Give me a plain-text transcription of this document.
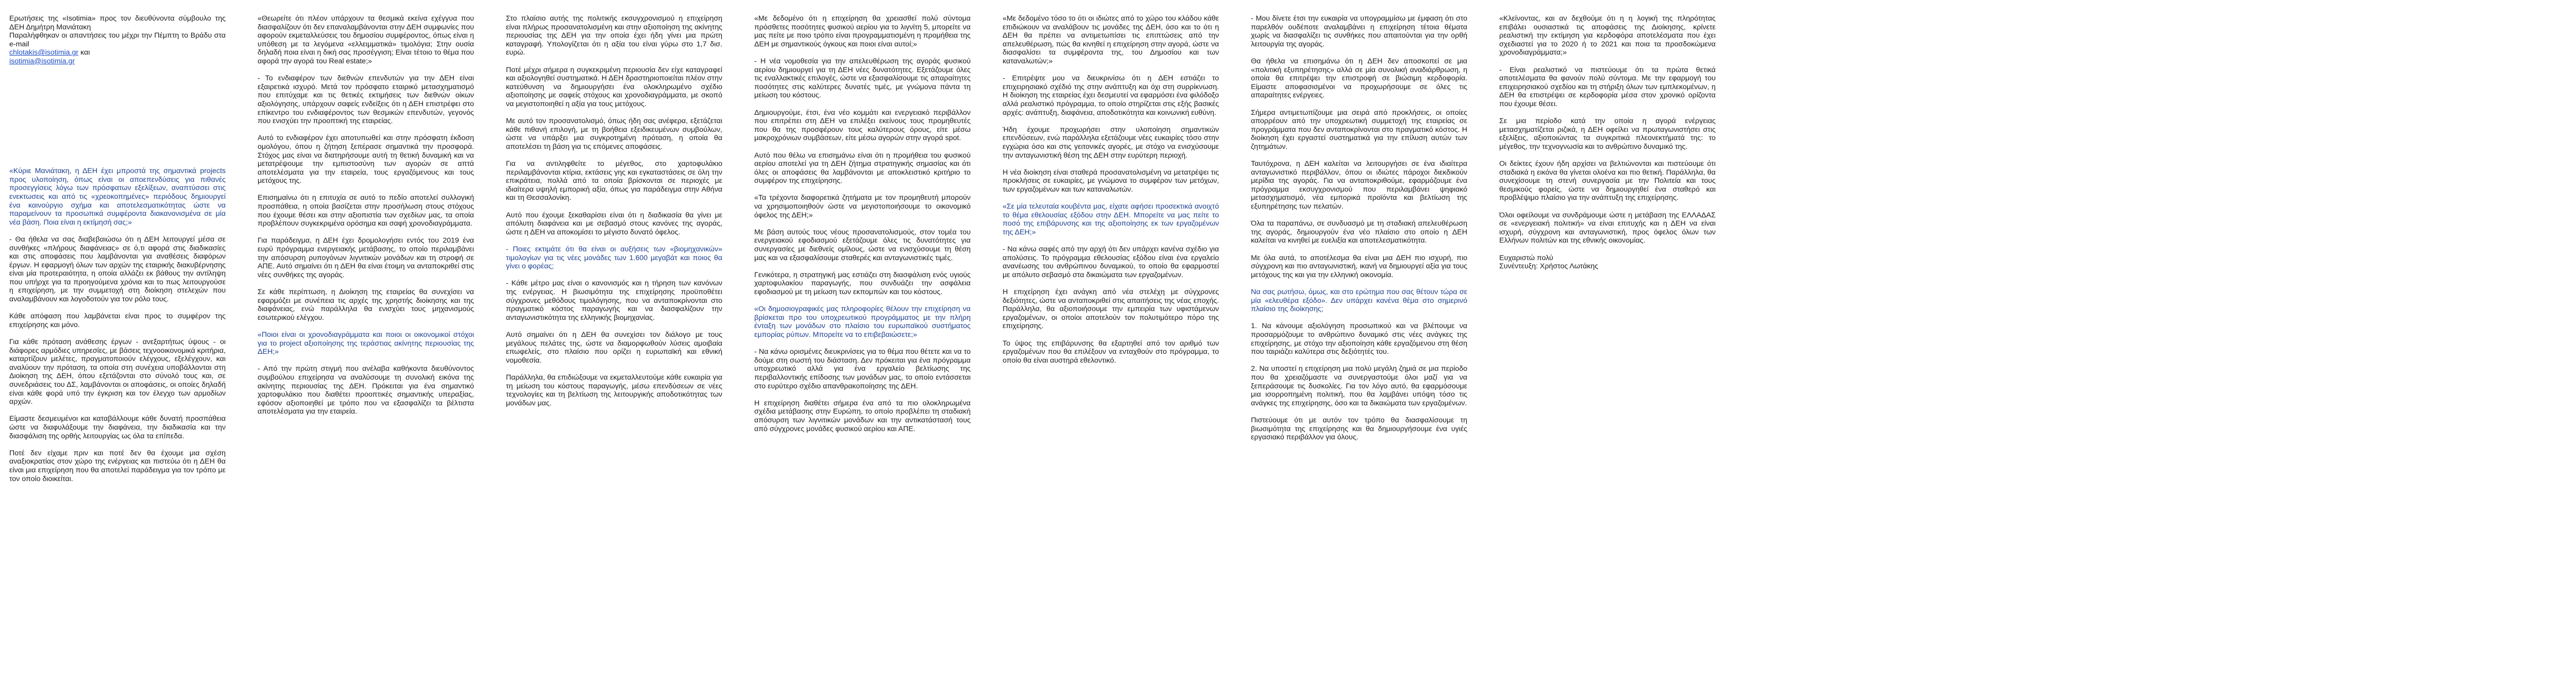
Ερωτήσεις της «Isotimia» προς τον διευθύνοντα σύμβουλο της ΔΕΗ Δημήτρη Μανιάτακη
Παραλήφθηκαν οι απαντήσεις του μέχρι την Πέμπτη το Βράδυ στα e-mail
chlotakis@isotimia.gr και
isotimia@isotimia.gr

«Κύριε Μανιάτακη, η ΔΕΗ έχει μπροστά της σημαντικά projects προς υλοποίηση, όπως είναι οι αποεπενδύσεις για πιθανές προσεγγίσεις λόγω των πρόσφατων εξελίξεων, αναπτύσσει στις ενεκτωσεις και από τις «χρεοκοπημένες» περιόδους δημιουργεί ένα καινούργιο σχήμα και αποτελεσματικότητας ώστε να παραμείνουν τα προσωπικά συμφέροντα διακανονισμένα σε μία νέα βάση. Ποια είναι η εκτίμησή σας;»

- Θα ήθελα να σας διαβεβαιώσω ότι η ΔΕΗ λειτουργεί μέσα σε συνθήκες «πλήρους διαφάνειας» σε ό,τι αφορά στις διαδικασίες και στις αποφάσεις που λαμβάνονται για αναθέσεις διαφόρων έργων. Η εφαρμογή όλων των αρχών της εταιρικής διακυβέρνησης είναι μία προτεραιότητα, η οποία αλλάζει εκ βάθους την αντίληψη που υπήρχε για τα προηγούμενα χρόνια και το πως λειτουργούσε η επιχείρηση, με την συμμετοχή στη διοίκηση στελεχών που αναλαμβάνουν και λογοδοτούν για τον ρόλο τους.

Κάθε απόφαση που λαμβάνεται είναι προς το συμφέρον της επιχείρησης και μόνο.

Για κάθε πρόταση ανάθεσης έργων - ανεξαρτήτως ύψους - οι διάφορες αρμόδιες υπηρεσίες, με βάσεις τεχνοοικονομικά κριτήρια, καταρτίζουν μελέτες, πραγματοποιούν ελέγχους, εξελέγχουν, και αναλύουν την πρόταση, τα οποία στη συνέχεια υποβάλλονται στη Διοίκηση της ΔΕΗ, όπου εξετάζονται στο σύνολό τους και, σε συνεδριάσεις του ΔΣ, λαμβάνονται οι αποφάσεις, οι οποίες δηλαδή είναι κάθε φορά υπό την έγκριση και τον έλεγχο των αρμοδίων αρχών.

Είμαστε δεσμευμένοι και καταβάλλουμε κάθε δυνατή προσπάθεια ώστε να διαφυλάξουμε την διαφάνεια, την διαδικασία και την διασφάλιση της ορθής λειτουργίας ως όλα τα επίπεδα.

Ποτέ δεν είχαμε πριν και ποτέ δεν θα έχουμε μια σχέση αναξιοκρατίας στον χώρο της ενέργειας και πιστεύω ότι η ΔΕΗ θα είναι μια επιχείρηση που θα αποτελεί παράδειγμα για τον τρόπο με τον οποίο διοικείται.

«Θεωρείτε ότι πλέον υπάρχουν τα θεσμικά εκείνα εχέγγυα που διασφαλίζουν ότι δεν επαναλαμβάνονται στην ΔΕΗ συμφωνίες που αφορούν εκμεταλλεύσεις του δημοσίου συμφέροντος, όπως είναι η υπόθεση με τα λεγόμενα «ελλειμματικά» τιμολόγια; Στην ουσία δηλαδή ποια είναι η δική σας προσέγγιση; Είναι τέτοιο το θέμα που αφορά την αγορά του Real estate;»

- Το ενδιαφέρον των διεθνών επενδυτών για την ΔΕΗ είναι εξαιρετικά ισχυρό. Μετά τον πρόσφατο εταιρικό μετασχηματισμό που επιτύχαμε και τις θετικές εκτιμήσεις των διεθνών οίκων αξιολόγησης, υπάρχουν σαφείς ενδείξεις ότι η ΔΕΗ επιστρέφει στο επίκεντρο του ενδιαφέροντος των θεσμικών επενδυτών, γεγονός που ενισχύει την προοπτική της εταιρείας.

Αυτό το ενδιαφέρον έχει αποτυπωθεί και στην πρόσφατη έκδοση ομολόγου, όπου η ζήτηση ξεπέρασε σημαντικά την προσφορά. Στόχος μας είναι να διατηρήσουμε αυτή τη θετική δυναμική και να μετατρέψουμε την εμπιστοσύνη των αγορών σε απτά αποτελέσματα για την εταιρεία, τους εργαζόμενους και τους μετόχους της.

Επισημαίνω ότι η επιτυχία σε αυτό το πεδίο αποτελεί συλλογική προσπάθεια, η οποία βασίζεται στην προσήλωση στους στόχους που έχουμε θέσει και στην αξιοπιστία των σχεδίων μας, τα οποία προβλέπουν συγκεκριμένα ορόσημα και σαφή χρονοδιαγράμματα.

Για παράδειγμα, η ΔΕΗ έχει δρομολογήσει εντός του 2019 ένα ευρύ πρόγραμμα ενεργειακής μετάβασης, το οποίο περιλαμβάνει την απόσυρση ρυπογόνων λιγνιτικών μονάδων και τη στροφή σε ΑΠΕ. Αυτό σημαίνει ότι η ΔΕΗ θα είναι έτοιμη να ανταποκριθεί στις νέες συνθήκες της αγοράς.

Σε κάθε περίπτωση, η Διοίκηση της εταιρείας θα συνεχίσει να εφαρμόζει με συνέπεια τις αρχές της χρηστής διοίκησης και της διαφάνειας, ενώ παράλληλα θα ενισχύει τους μηχανισμούς εσωτερικού ελέγχου.

«Ποιοι είναι οι χρονοδιαγράμματα και ποιοι οι οικονομικοί στόχοι για το project αξιοποίησης της τεράστιας ακίνητης περιουσίας της ΔΕΗ;»

- Από την πρώτη στιγμή που ανέλαβα καθήκοντα διευθύνοντος συμβούλου επιχείρησα να αναλύσουμε τη συνολική εικόνα της ακίνητης περιουσίας της ΔΕΗ. Πρόκειται για ένα σημαντικό χαρτοφυλάκιο που διαθέτει προοπτικές σημαντικής υπεραξίας, εφόσον αξιοποιηθεί με τρόπο που να εξασφαλίζει τα βέλτιστα αποτελέσματα για την εταιρεία.

Στο πλαίσιο αυτής της πολιτικής εκσυγχρονισμού η επιχείρηση είναι πλήρως προσανατολισμένη και στην αξιοποίηση της ακίνητης περιουσίας της ΔΕΗ για την οποία έχει ήδη γίνει μια πρώτη καταγραφή. Υπολογίζεται ότι η αξία του είναι γύρω στο 1,7 δισ. ευρώ.

Ποτέ μέχρι σήμερα η συγκεκριμένη περιουσία δεν είχε καταγραφεί και αξιολογηθεί συστηματικά. Η ΔΕΗ δραστηριοποιείται πλέον στην κατεύθυνση να δημιουργήσει ένα ολοκληρωμένο σχέδιο αξιοποίησης με σαφείς στόχους και χρονοδιαγράμματα, με σκοπό να μεγιστοποιηθεί η αξία για τους μετόχους.

Με αυτό τον προσανατολισμό, όπως ήδη σας ανέφερα, εξετάζεται κάθε πιθανή επιλογή, με τη βοήθεια εξειδικευμένων συμβούλων, ώστε να υπάρξει μια συγκροτημένη πρόταση, η οποία θα αποτελέσει τη βάση για τις επόμενες αποφάσεις.

Για να αντιληφθείτε το μέγεθος, στο χαρτοφυλάκιο περιλαμβάνονται κτίρια, εκτάσεις γης και εγκαταστάσεις σε όλη την επικράτεια, πολλά από τα οποία βρίσκονται σε περιοχές με ιδιαίτερα υψηλή εμπορική αξία, όπως για παράδειγμα στην Αθήνα και τη Θεσσαλονίκη.

Αυτό που έχουμε ξεκαθαρίσει είναι ότι η διαδικασία θα γίνει με απόλυτη διαφάνεια και με σεβασμό στους κανόνες της αγοράς, ώστε η ΔΕΗ να αποκομίσει το μέγιστο δυνατό όφελος.

- Ποιες εκτιμάτε ότι θα είναι οι αυξήσεις των «βιομηχανικών» τιμολογίων για τις νέες μονάδες των 1.600 μεγαβάτ και ποιος θα γίνει ο φορέας;

- Κάθε μέτρο μας είναι ο κανονισμός και η τήρηση των κανόνων της ενέργειας. Η βιωσιμότητα της επιχείρησης προϋποθέτει σύγχρονες μεθόδους τιμολόγησης, που να ανταποκρίνονται στο πραγματικό κόστος παραγωγής και να διασφαλίζουν την ανταγωνιστικότητα της ελληνικής βιομηχανίας.

Αυτό σημαίνει ότι η ΔΕΗ θα συνεχίσει τον διάλογο με τους μεγάλους πελάτες της, ώστε να διαμορφωθούν λύσεις αμοιβαία επωφελείς, στο πλαίσιο που ορίζει η ευρωπαϊκή και εθνική νομοθεσία.

Παράλληλα, θα επιδιώξουμε να εκμεταλλευτούμε κάθε ευκαιρία για τη μείωση του κόστους παραγωγής, μέσω επενδύσεων σε νέες τεχνολογίες και τη βελτίωση της λειτουργικής αποδοτικότητας των μονάδων μας.

«Με δεδομένο ότι η επιχείρηση θα χρειασθεί πολύ σύντομα πρόσθετες ποσότητες φυσικού αερίου για το λιγνίτη 5, μπορείτε να μας πείτε με ποιο τρόπο είναι προγραμματισμένη η προμήθεια της ΔΕΗ με σημαντικούς όγκους και ποιοι είναι αυτοί;»

- Η νέα νομοθεσία για την απελευθέρωση της αγοράς φυσικού αερίου δημιουργεί για τη ΔΕΗ νέες δυνατότητες. Εξετάζουμε όλες τις εναλλακτικές επιλογές, ώστε να εξασφαλίσουμε τις απαραίτητες ποσότητες στις καλύτερες δυνατές τιμές, με γνώμονα πάντα τη μείωση του κόστους.

Δημιουργούμε, έτσι, ένα νέο κομμάτι και ενεργειακό περιβάλλον που επιτρέπει στη ΔΕΗ να επιλέξει εκείνους τους προμηθευτές που θα της προσφέρουν τους καλύτερους όρους, είτε μέσω μακροχρόνιων συμβάσεων, είτε μέσω αγορών στην αγορά spot.

Αυτό που θέλω να επισημάνω είναι ότι η προμήθεια του φυσικού αερίου αποτελεί για τη ΔΕΗ ζήτημα στρατηγικής σημασίας και ότι όλες οι αποφάσεις θα λαμβάνονται με αποκλειστικό κριτήριο το συμφέρον της επιχείρησης.

«Τα τρέχοντα διαφορετικά ζητήματα με τον προμηθευτή μπορούν να χρησιμοποιηθούν ώστε να μεγιστοποιήσουμε το οικονομικό όφελος της ΔΕΗ;»

Με βάση αυτούς τους νέους προσανατολισμούς, στον τομέα του ενεργειακού εφοδιασμού εξετάζουμε όλες τις δυνατότητες για συνεργασίες με διεθνείς ομίλους, ώστε να ενισχύσουμε τη θέση μας και να εξασφαλίσουμε σταθερές και ανταγωνιστικές τιμές.

Γενικότερα, η στρατηγική μας εστιάζει στη διασφάλιση ενός υγιούς χαρτοφυλακίου παραγωγής, που συνδυάζει την ασφάλεια εφοδιασμού με τη μείωση των εκπομπών και του κόστους.

«Οι δημοσιογραφικές μας πληροφορίες θέλουν την επιχείρηση να βρίσκεται προ του υποχρεωτικού προγράμματος με την πλήρη ένταξη των μονάδων στο πλαίσιο του ευρωπαϊκού συστήματος εμπορίας ρύπων. Μπορείτε να το επιβεβαιώσετε;»

- Να κάνω ορισμένες διευκρινίσεις για το θέμα που θέτετε και να το δούμε στη σωστή του διάσταση. Δεν πρόκειται για ένα πρόγραμμα υποχρεωτικό αλλά για ένα εργαλείο βελτίωσης της περιβαλλοντικής επίδοσης των μονάδων μας, το οποίο εντάσσεται στο ευρύτερο σχέδιο απανθρακοποίησης της ΔΕΗ.

Η επιχείρηση διαθέτει σήμερα ένα από τα πιο ολοκληρωμένα σχέδια μετάβασης στην Ευρώπη, το οποίο προβλέπει τη σταδιακή απόσυρση των λιγνιτικών μονάδων και την αντικατάστασή τους από σύγχρονες μονάδες φυσικού αερίου και ΑΠΕ.

«Με δεδομένο τόσο το ότι οι ιδιώτες από το χώρο του κλάδου κάθε επιδιώκουν να αναλάβουν τις μονάδες της ΔΕΗ, όσο και το ότι η ΔΕΗ θα πρέπει να αντιμετωπίσει τις επιπτώσεις από την απελευθέρωση, πώς θα κινηθεί η επιχείρηση στην αγορά, ώστε να διασφαλίσει τα συμφέροντα της, του Δημοσίου και των καταναλωτών;»

- Επιτρέψτε μου να διευκρινίσω ότι η ΔΕΗ εστιάζει το επιχειρησιακό σχέδιό της στην ανάπτυξη και όχι στη συρρίκνωση. Η διοίκηση της εταιρείας έχει δεσμευτεί να εφαρμόσει ένα φιλόδοξο αλλά ρεαλιστικό πρόγραμμα, το οποίο στηρίζεται στις εξής βασικές αρχές: ανάπτυξη, διαφάνεια, αποδοτικότητα και κοινωνική ευθύνη.

Ήδη έχουμε προχωρήσει στην υλοποίηση σημαντικών επενδύσεων, ενώ παράλληλα εξετάζουμε νέες ευκαιρίες τόσο στην εγχώρια όσο και στις γειτονικές αγορές, με στόχο να ενισχύσουμε την ανταγωνιστική θέση της ΔΕΗ στην ευρύτερη περιοχή.

Η νέα διοίκηση είναι σταθερά προσανατολισμένη να μετατρέψει τις προκλήσεις σε ευκαιρίες, με γνώμονα το συμφέρον των μετόχων, των εργαζομένων και των καταναλωτών.

«Σε μία τελευταία κουβέντα μας, είχατε αφήσει προσεκτικά ανοιχτό το θέμα εθελουσίας εξόδου στην ΔΕΗ. Μπορείτε να μας πείτε το ποσό της επιβάρυνσης και της αξιοποίησης εκ των εργαζομένων της ΔΕΗ;»

- Να κάνω σαφές από την αρχή ότι δεν υπάρχει κανένα σχέδιο για απολύσεις. Το πρόγραμμα εθελουσίας εξόδου είναι ένα εργαλείο ανανέωσης του ανθρώπινου δυναμικού, το οποίο θα εφαρμοστεί με απόλυτο σεβασμό στα δικαιώματα των εργαζομένων.

Η επιχείρηση έχει ανάγκη από νέα στελέχη με σύγχρονες δεξιότητες, ώστε να ανταποκριθεί στις απαιτήσεις της νέας εποχής. Παράλληλα, θα αξιοποιήσουμε την εμπειρία των υφιστάμενων εργαζομένων, οι οποίοι αποτελούν τον πολυτιμότερο πόρο της επιχείρησης.

Το ύψος της επιβάρυνσης θα εξαρτηθεί από τον αριθμό των εργαζομένων που θα επιλέξουν να ενταχθούν στο πρόγραμμα, το οποίο θα είναι αυστηρά εθελοντικό.

- Μου δίνετε έτσι την ευκαιρία να υπογραμμίσω με έμφαση ότι στο παρελθόν ουδέποτε αναλαμβάνει η επιχείρηση τέτοια θέματα χωρίς να διασφαλίζει τις συνθήκες που απαιτούνται για την ορθή λειτουργία της αγοράς.

Θα ήθελα να επισημάνω ότι η ΔΕΗ δεν αποσκοπεί σε μια «πολιτική εξυπηρέτησης» αλλά σε μία συνολική αναδιάρθρωση, η οποία θα επιτρέψει την επιστροφή σε βιώσιμη κερδοφορία. Είμαστε αποφασισμένοι να προχωρήσουμε σε όλες τις απαραίτητες ενέργειες.

Σήμερα αντιμετωπίζουμε μια σειρά από προκλήσεις, οι οποίες απορρέουν από την υποχρεωτική συμμετοχή της εταιρείας σε προγράμματα που δεν ανταποκρίνονται στο πραγματικό κόστος. Η διοίκηση έχει εργαστεί συστηματικά για την επίλυση αυτών των ζητημάτων.

Ταυτόχρονα, η ΔΕΗ καλείται να λειτουργήσει σε ένα ιδιαίτερα ανταγωνιστικό περιβάλλον, όπου οι ιδιώτες πάροχοι διεκδικούν μερίδια της αγοράς. Για να ανταποκριθούμε, εφαρμόζουμε ένα πρόγραμμα εκσυγχρονισμού που περιλαμβάνει ψηφιακό μετασχηματισμό, νέα εμπορικά προϊόντα και βελτίωση της εξυπηρέτησης των πελατών.

Όλα τα παραπάνω, σε συνδυασμό με τη σταδιακή απελευθέρωση της αγοράς, δημιουργούν ένα νέο πλαίσιο στο οποίο η ΔΕΗ καλείται να κινηθεί με ευελιξία και αποτελεσματικότητα.

Με όλα αυτά, το αποτέλεσμα θα είναι μια ΔΕΗ πιο ισχυρή, πιο σύγχρονη και πιο ανταγωνιστική, ικανή να δημιουργεί αξία για τους μετόχους της και για την ελληνική οικονομία.

Να σας ρωτήσω, όμως, και στο ερώτημα που σας θέτουν τώρα σε μία «ελευθέρα εξόδο». Δεν υπάρχει κανένα θέμα στο σημερινό πλαίσιο της διοίκησης;

1. Να κάνουμε αξιολόγηση προσωπικού και να βλέπουμε να προσαρμόζουμε το ανθρώπινο δυναμικό στις νέες ανάγκες της επιχείρησης, με στόχο την αξιοποίηση κάθε εργαζόμενου στη θέση που ταιριάζει καλύτερα στις δεξιότητές του.

2. Να υποστεί η επιχείρηση μια πολύ μεγάλη ζημιά σε μια περίοδο που θα χρειαζόμαστε να συνεργαστούμε όλοι μαζί για να ξεπεράσουμε τις δυσκολίες. Για τον λόγο αυτό, θα εφαρμόσουμε μια ισορροπημένη πολιτική, που θα λαμβάνει υπόψη τόσο τις ανάγκες της επιχείρησης, όσο και τα δικαιώματα των εργαζομένων.

Πιστεύουμε ότι με αυτόν τον τρόπο θα διασφαλίσουμε τη βιωσιμότητα της επιχείρησης και θα δημιουργήσουμε ένα υγιές εργασιακό περιβάλλον για όλους.

«Κλείνοντας, και αν δεχθούμε ότι η η λογική της πληρότητας επιβάλει ουσιαστικά τις αποφάσεις της Διοίκησης, κρίνετε ρεαλιστική την εκτίμηση για κερδοφόρα αποτελέσματα που έχει σχεδιαστεί για το 2020 ή το 2021 και ποια τα προσδοκώμενα χρονοδιαγράμματα;»

- Είναι ρεαλιστικό να πιστεύουμε ότι τα πρώτα θετικά αποτελέσματα θα φανούν πολύ σύντομα. Με την εφαρμογή του επιχειρησιακού σχεδίου και τη στήριξη όλων των εμπλεκομένων, η ΔΕΗ θα επιστρέψει σε κερδοφορία μέσα στον χρονικό ορίζοντα που έχουμε θέσει.

Σε μια περίοδο κατά την οποία η αγορά ενέργειας μετασχηματίζεται ριζικά, η ΔΕΗ οφείλει να πρωταγωνιστήσει στις εξελίξεις, αξιοποιώντας τα συγκριτικά πλεονεκτήματά της: το μέγεθος, την τεχνογνωσία και το ανθρώπινο δυναμικό της.

Οι δείκτες έχουν ήδη αρχίσει να βελτιώνονται και πιστεύουμε ότι σταδιακά η εικόνα θα γίνεται ολοένα και πιο θετική. Παράλληλα, θα συνεχίσουμε τη στενή συνεργασία με την Πολιτεία και τους θεσμικούς φορείς, ώστε να δημιουργηθεί ένα σταθερό και προβλέψιμο πλαίσιο για την ανάπτυξη της επιχείρησης.

Όλοι οφείλουμε να συνδράμουμε ώστε η μετάβαση της ΕΛΛΑΔΑΣ σε «ενεργειακή πολιτική» να είναι επιτυχής και η ΔΕΗ να είναι ισχυρή, σύγχρονη και ανταγωνιστική, προς όφελος όλων των Ελλήνων πολιτών και της εθνικής οικονομίας.

Ευχαριστώ πολύ

Συνέντευξη: Χρήστος Λωτάκης
